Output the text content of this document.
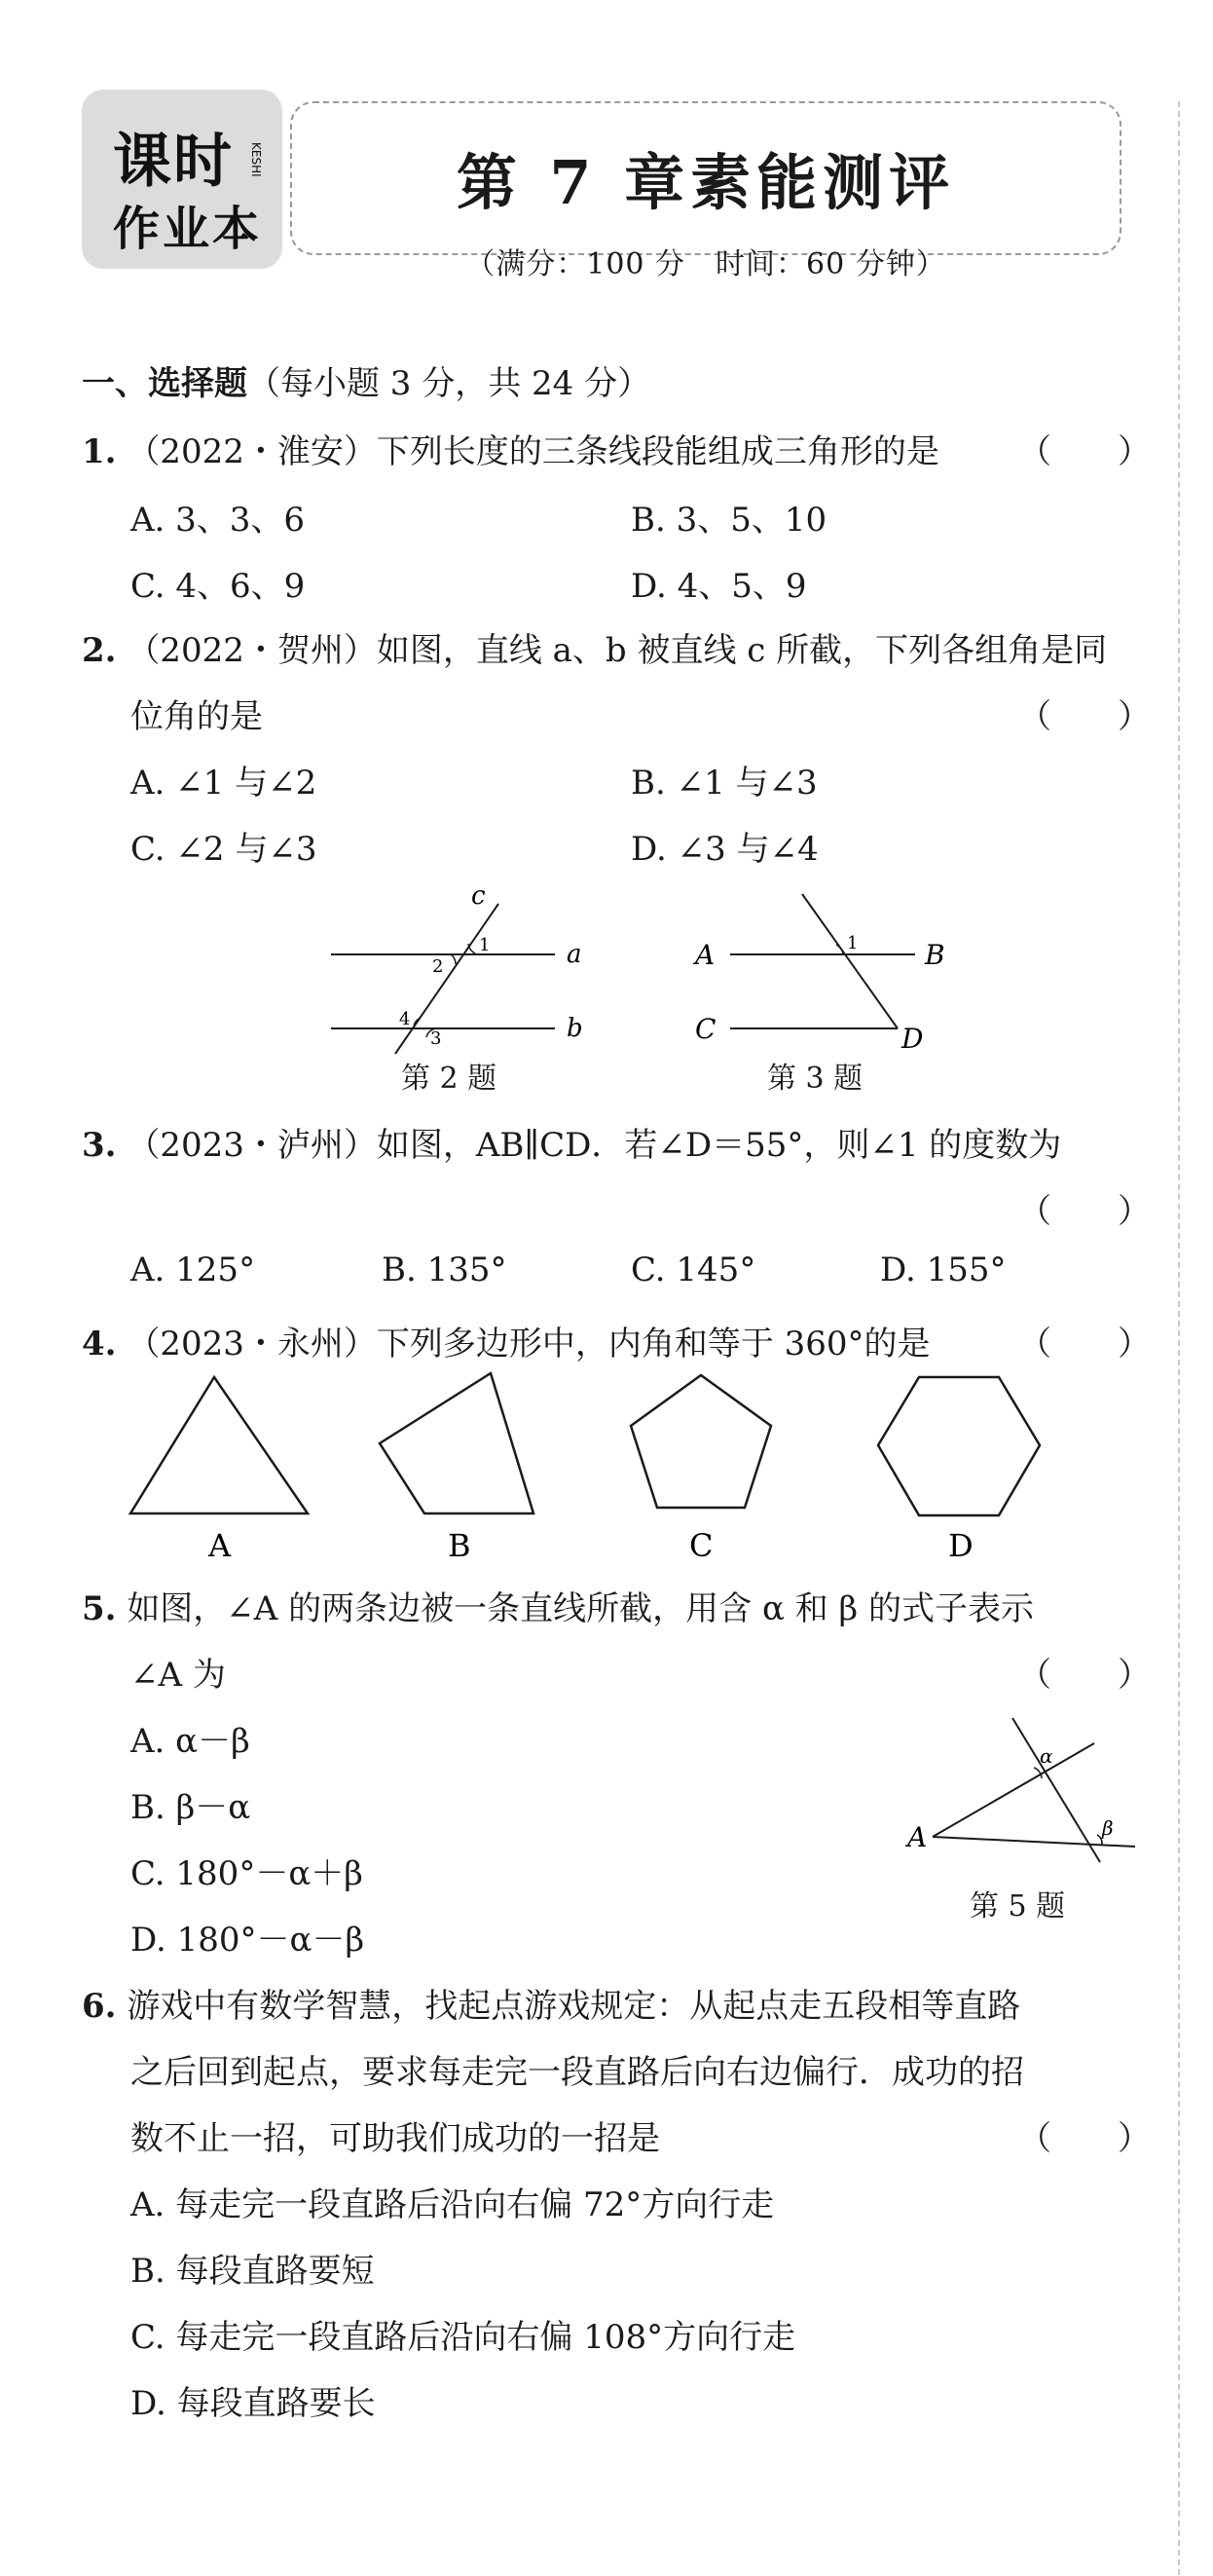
课时
作业本
KESHI	第 7 章素能测评
（满分：100 分　时间：60 分钟）
一、选择题（每小题 3 分，共 24 分）
1. （2022・淮安）下列长度的三条线段能组成三角形的是 （　　）
A. 3、3、6	B. 3、5、10
C. 4、6、9	D. 4、5、9
2. （2022・贺州）如图，直线 a、b 被直线 c 所截，下列各组角是同
位角的是	（　　）
A. ∠1 与∠2	B. ∠1 与∠3
C. ∠2 与∠3	D. ∠3 与∠4
c
a
b
1
2
4
3
第 2 题
A	B
C	D
1
第 3 题
3. （2023・泸州）如图，AB∥CD．若∠D＝55°，则∠1 的度数为
（　　）
A. 125°	B. 135°	C. 145°	D. 155°
4. （2023・永州）下列多边形中，内角和等于 360°的是	（　　）
A	B	C	D
5. 如图，∠A 的两条边被一条直线所截，用含 α 和 β 的式子表示
∠A 为	（　　）
A. α－β
B. β－α
C. 180°－α＋β
D. 180°－α－β
A
α
β
第 5 题
6. 游戏中有数学智慧，找起点游戏规定：从起点走五段相等直路
之后回到起点，要求每走完一段直路后向右边偏行．成功的招
数不止一招，可助我们成功的一招是	（　　）
A. 每走完一段直路后沿向右偏 72°方向行走
B. 每段直路要短
C. 每走完一段直路后沿向右偏 108°方向行走
D. 每段直路要长
